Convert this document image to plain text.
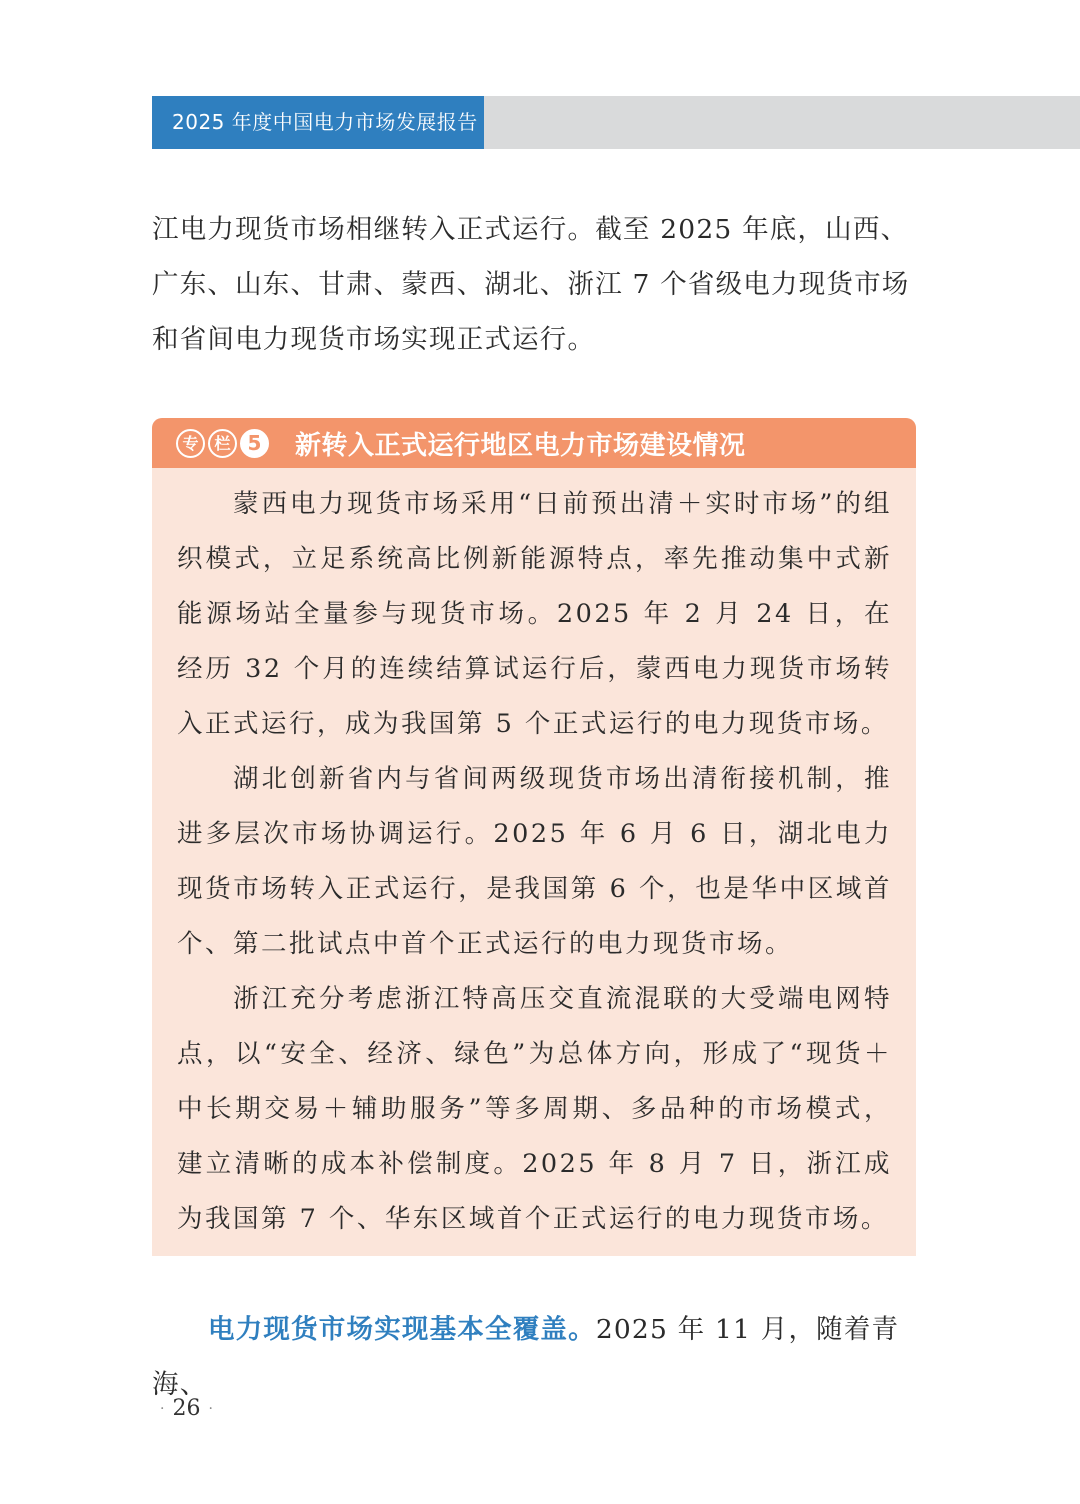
2025 年度中国电力市场发展报告

江电力现货市场相继转入正式运行。截至 2025 年底，山西、广东、山东、甘肃、蒙西、湖北、浙江 7 个省级电力现货市场和省间电力现货市场实现正式运行。

专 栏 5 新转入正式运行地区电力市场建设情况

蒙西电力现货市场采用“日前预出清＋实时市场”的组织模式，立足系统高比例新能源特点，率先推动集中式新能源场站全量参与现货市场。2025 年 2 月 24 日，在经历 32 个月的连续结算试运行后，蒙西电力现货市场转入正式运行，成为我国第 5 个正式运行的电力现货市场。

湖北创新省内与省间两级现货市场出清衔接机制，推进多层次市场协调运行。2025 年 6 月 6 日，湖北电力现货市场转入正式运行，是我国第 6 个，也是华中区域首个、第二批试点中首个正式运行的电力现货市场。

浙江充分考虑浙江特高压交直流混联的大受端电网特点，以“安全、经济、绿色”为总体方向，形成了“现货＋中长期交易＋辅助服务”等多周期、多品种的市场模式，建立清晰的成本补偿制度。2025 年 8 月 7 日，浙江成为我国第 7 个、华东区域首个正式运行的电力现货市场。

电力现货市场实现基本全覆盖。2025 年 11 月，随着青海、

· 26 ·
